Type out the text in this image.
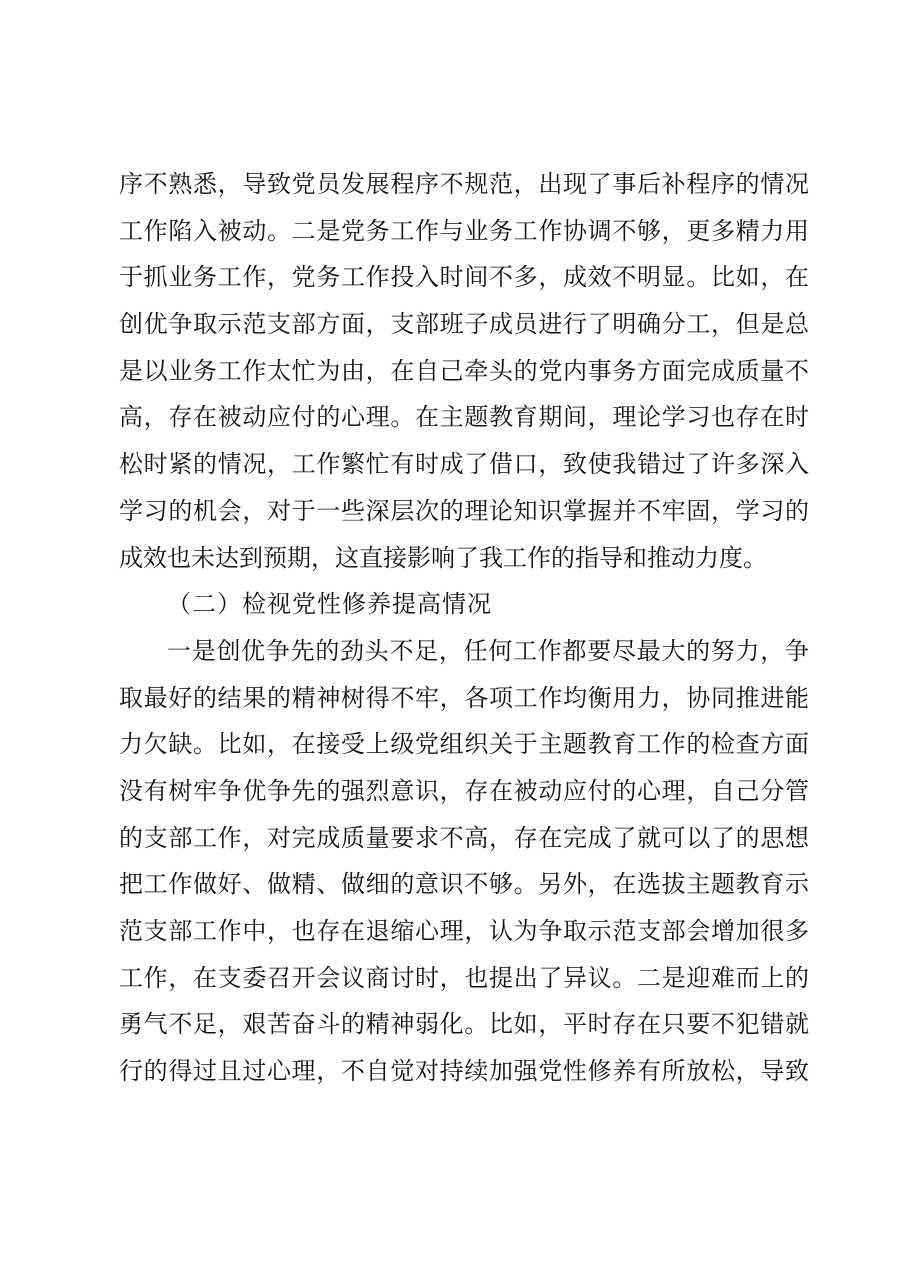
序不熟悉，导致党员发展程序不规范，出现了事后补程序的情况
工作陷入被动。二是党务工作与业务工作协调不够，更多精力用
于抓业务工作，党务工作投入时间不多，成效不明显。比如，在
创优争取示范支部方面，支部班子成员进行了明确分工，但是总
是以业务工作太忙为由，在自己牵头的党内事务方面完成质量不
高，存在被动应付的心理。在主题教育期间，理论学习也存在时
松时紧的情况，工作繁忙有时成了借口，致使我错过了许多深入
学习的机会，对于一些深层次的理论知识掌握并不牢固，学习的
成效也未达到预期，这直接影响了我工作的指导和推动力度。
（二）检视党性修养提高情况
一是创优争先的劲头不足，任何工作都要尽最大的努力，争
取最好的结果的精神树得不牢，各项工作均衡用力，协同推进能
力欠缺。比如，在接受上级党组织关于主题教育工作的检查方面
没有树牢争优争先的强烈意识，存在被动应付的心理，自己分管
的支部工作，对完成质量要求不高，存在完成了就可以了的思想
把工作做好、做精、做细的意识不够。另外，在选拔主题教育示
范支部工作中，也存在退缩心理，认为争取示范支部会增加很多
工作，在支委召开会议商讨时，也提出了异议。二是迎难而上的
勇气不足，艰苦奋斗的精神弱化。比如，平时存在只要不犯错就
行的得过且过心理，不自觉对持续加强党性修养有所放松，导致
